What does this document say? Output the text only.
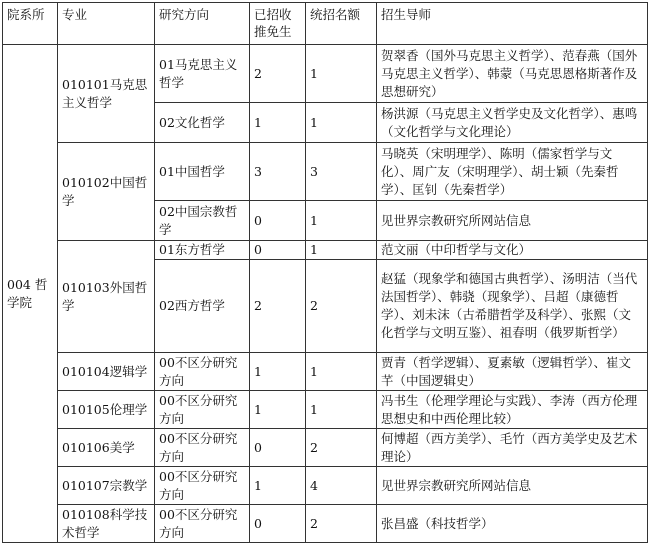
院系所	专业	研究方向	已招收推免生	统招名额	招生导师
004 哲学院	010101马克思主义哲学	01马克思主义哲学	2	1	贺翠香（国外马克思主义哲学）、范春燕（国外马克思主义哲学）、韩蒙（马克思恩格斯著作及思想研究）
		02文化哲学	1	1	杨洪源（马克思主义哲学史及文化哲学）、惠鸣（文化哲学与文化理论）
	010102中国哲学	01中国哲学	3	3	马晓英（宋明理学）、陈明（儒家哲学与文化）、周广友（宋明理学）、胡士颖（先秦哲学）、匡钊（先秦哲学）
		02中国宗教哲学	0	1	见世界宗教研究所网站信息
	010103外国哲学	01东方哲学	0	1	范文丽（中印哲学与文化）
		02西方哲学	2	2	赵猛（现象学和德国古典哲学）、汤明洁（当代法国哲学）、韩骁（现象学）、吕超（康德哲学）、刘未沫（古希腊哲学及科学）、张熙（文化哲学与文明互鉴）、祖春明（俄罗斯哲学）
	010104逻辑学	00不区分研究方向	1	1	贾青（哲学逻辑）、夏素敏（逻辑哲学）、崔文芊（中国逻辑史）
	010105伦理学	00不区分研究方向	1	1	冯书生（伦理学理论与实践）、李涛（西方伦理思想史和中西伦理比较）
	010106美学	00不区分研究方向	0	2	何博超（西方美学）、毛竹（西方美学史及艺术理论）
	010107宗教学	00不区分研究方向	1	4	见世界宗教研究所网站信息
	010108科学技术哲学	00不区分研究方向	0	2	张昌盛（科技哲学）
